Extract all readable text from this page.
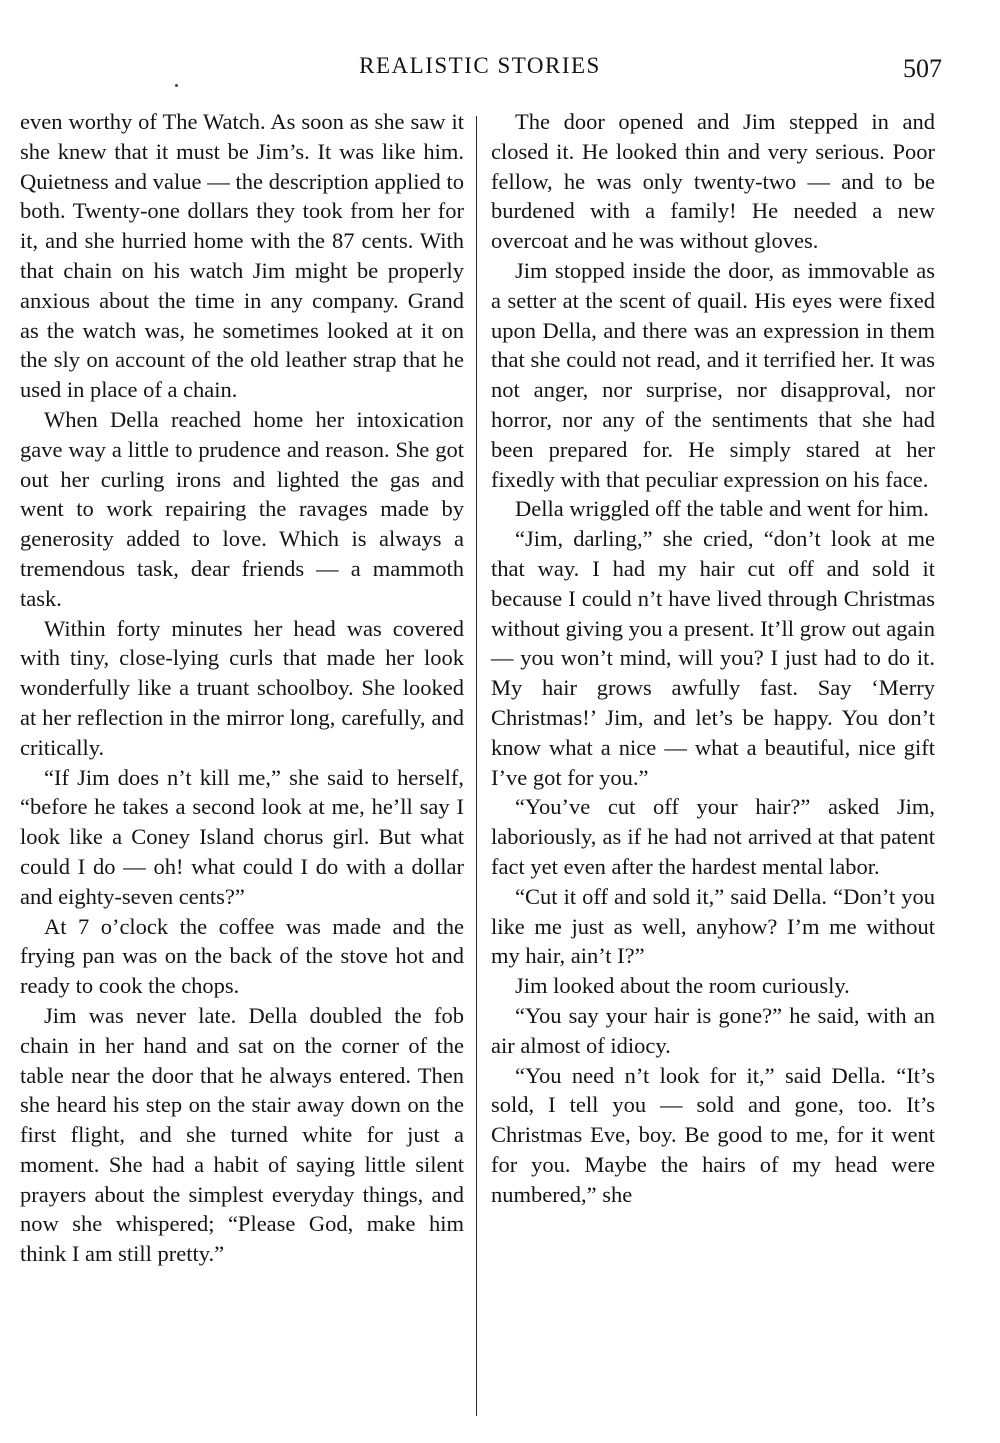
REALISTIC STORIES	507

even worthy of The Watch. As soon as she saw it she knew that it must be Jim’s. It was like him. Quietness and value — the description applied to both. Twenty-one dollars they took from her for it, and she hurried home with the 87 cents. With that chain on his watch Jim might be properly anxious about the time in any company. Grand as the watch was, he sometimes looked at it on the sly on account of the old leather strap that he used in place of a chain.

When Della reached home her intoxication gave way a little to prudence and reason. She got out her curling irons and lighted the gas and went to work repairing the ravages made by generosity added to love. Which is always a tremendous task, dear friends — a mammoth task.

Within forty minutes her head was covered with tiny, close-lying curls that made her look wonderfully like a truant schoolboy. She looked at her reflection in the mirror long, carefully, and critically.

“If Jim does n’t kill me,” she said to herself, “before he takes a second look at me, he’ll say I look like a Coney Island chorus girl. But what could I do — oh! what could I do with a dollar and eighty-seven cents?”

At 7 o’clock the coffee was made and the frying pan was on the back of the stove hot and ready to cook the chops.

Jim was never late. Della doubled the fob chain in her hand and sat on the corner of the table near the door that he always entered. Then she heard his step on the stair away down on the first flight, and she turned white for just a moment. She had a habit of saying little silent prayers about the simplest everyday things, and now she whispered; “Please God, make him think I am still pretty.”

The door opened and Jim stepped in and closed it. He looked thin and very serious. Poor fellow, he was only twenty-two — and to be burdened with a family! He needed a new overcoat and he was without gloves.

Jim stopped inside the door, as immovable as a setter at the scent of quail. His eyes were fixed upon Della, and there was an expression in them that she could not read, and it terrified her. It was not anger, nor surprise, nor disapproval, nor horror, nor any of the sentiments that she had been prepared for. He simply stared at her fixedly with that peculiar expression on his face.

Della wriggled off the table and went for him.

“Jim, darling,” she cried, “don’t look at me that way. I had my hair cut off and sold it because I could n’t have lived through Christmas without giving you a present. It’ll grow out again — you won’t mind, will you? I just had to do it. My hair grows awfully fast. Say ‘Merry Christmas!’ Jim, and let’s be happy. You don’t know what a nice — what a beautiful, nice gift I’ve got for you.”

“You’ve cut off your hair?” asked Jim, laboriously, as if he had not arrived at that patent fact yet even after the hardest mental labor.

“Cut it off and sold it,” said Della. “Don’t you like me just as well, anyhow? I’m me without my hair, ain’t I?”

Jim looked about the room curiously.

“You say your hair is gone?” he said, with an air almost of idiocy.

“You need n’t look for it,” said Della. “It’s sold, I tell you — sold and gone, too. It’s Christmas Eve, boy. Be good to me, for it went for you. Maybe the hairs of my head were numbered,” she
